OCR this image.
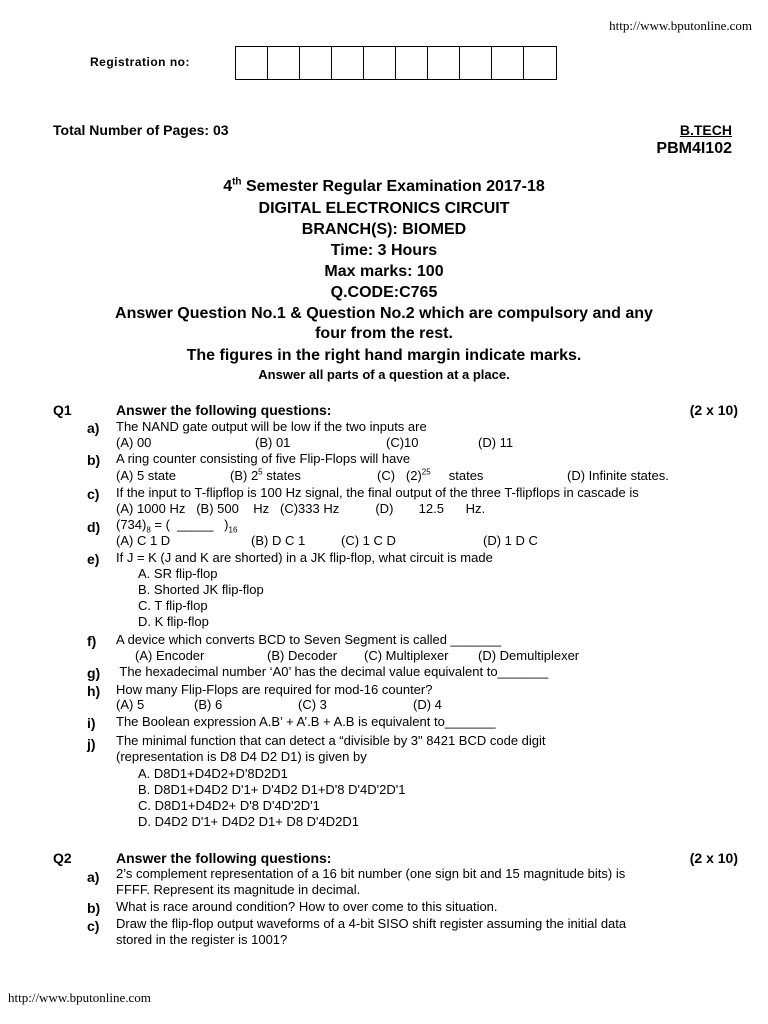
http://www.bputonline.com
Registration no:
Total Number of Pages: 03	B.TECH
PBM4I102
4th Semester Regular Examination 2017-18
DIGITAL ELECTRONICS CIRCUIT
BRANCH(S): BIOMED
Time: 3 Hours
Max marks: 100
Q.CODE:C765
Answer Question No.1 & Question No.2 which are compulsory and any
four from the rest.
The figures in the right hand margin indicate marks.
Answer all parts of a question at a place.
Q1	Answer the following questions:	(2 x 10)
a) The NAND gate output will be low if the two inputs are
(A) 00	(B) 01	(C)10	(D) 11
b) A ring counter consisting of five Flip-Flops will have
(A) 5 state	(B) $2^5$ states	(C)   $(2)^{25}$     states	(D) Infinite states.
c) If the input to T-flipflop is 100 Hz signal, the final output of the three T-flipflops in cascade is
(A) 1000 Hz   (B) 500    Hz   (C)333 Hz          (D)       12.5      Hz.
d) $(734)_8$ = (  _____   )$_{16}$
(A) C 1 D	(B) D C 1	(C) 1 C D	(D) 1 D C
e) If J = K (J and K are shorted) in a JK flip-flop, what circuit is made
A. SR flip-flop
B. Shorted JK flip-flop
C. T flip-flop
D. K flip-flop
f) A device which converts BCD to Seven Segment is called _______
(A) Encoder	(B) Decoder (C) Multiplexer (D) Demultiplexer
g) The hexadecimal number ‘A0’ has the decimal value equivalent to_______
h) How many Flip-Flops are required for mod-16 counter?
(A) 5	(B) 6	(C) 3	(D) 4
i) The Boolean expression A.B’ + A’.B + A.B is equivalent to_______
j) The minimal function that can detect a “divisible by 3" 8421 BCD code digit
(representation is D8 D4 D2 D1) is given by
A. D8D1+D4D2+D'8D2D1
B. D8D1+D4D2 D'1+ D'4D2 D1+D'8 D'4D'2D'1
C. D8D1+D4D2+ D'8 D'4D'2D'1
D. D4D2 D'1+ D4D2 D1+ D8 D'4D2D1
Q2	Answer the following questions:	(2 x 10)
a) 2’s complement representation of a 16 bit number (one sign bit and 15 magnitude bits) is
FFFF. Represent its magnitude in decimal.
b) What is race around condition? How to over come to this situation.
c) Draw the flip-flop output waveforms of a 4-bit SISO shift register assuming the initial data
stored in the register is 1001?
http://www.bputonline.com
